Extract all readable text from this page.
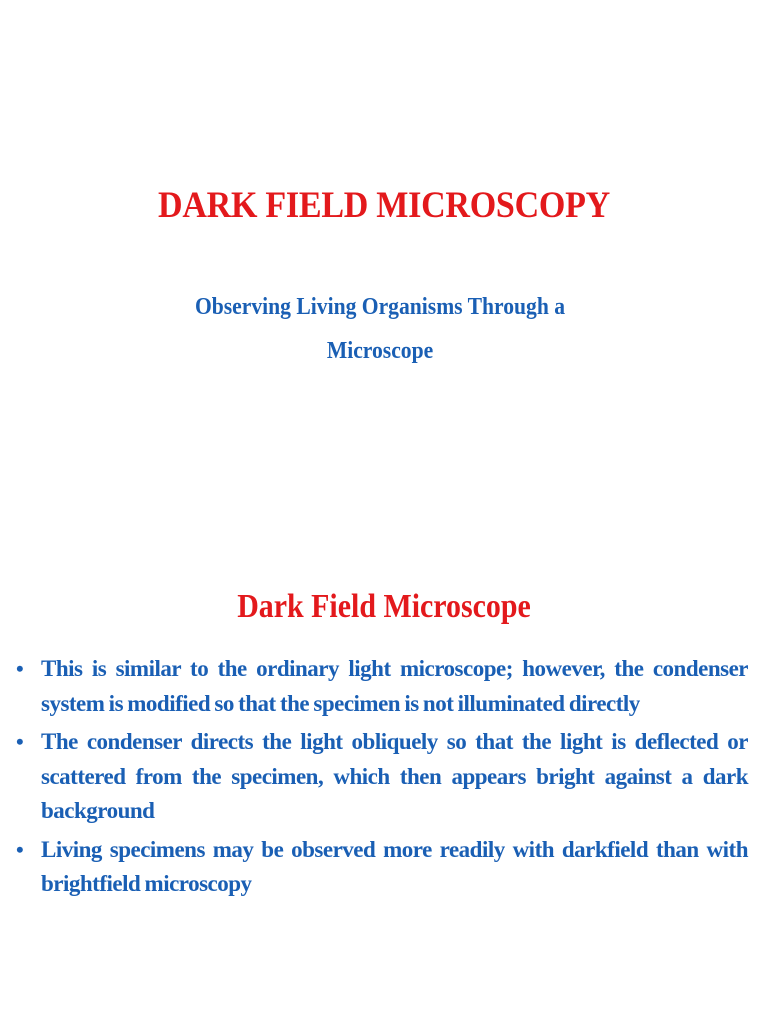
DARK FIELD MICROSCOPY
Observing Living Organisms Through a Microscope
Dark Field Microscope
• This is similar to the ordinary light microscope; however, the condenser system is modified so that the specimen is not illuminated directly
• The condenser directs the light obliquely so that the light is deflected or scattered from the specimen, which then appears bright against a dark background
• Living specimens may be observed more readily with darkfield than with brightfield microscopy
